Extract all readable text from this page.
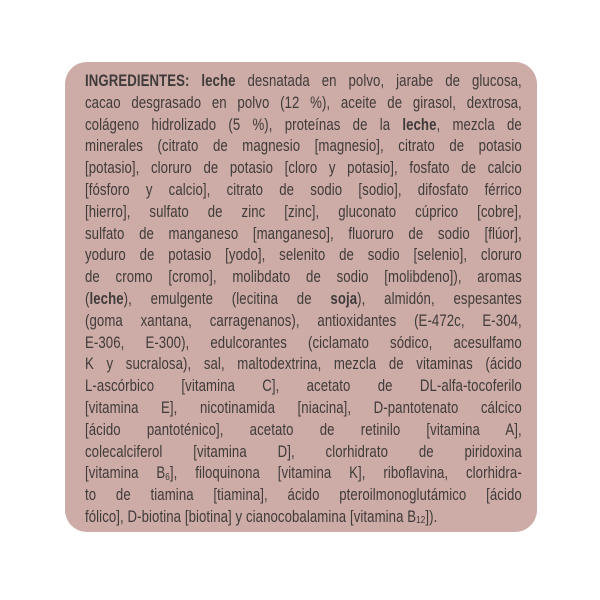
INGREDIENTES: leche desnatada en polvo, jarabe de glucosa,
cacao desgrasado en polvo (12 %), aceite de girasol, dextrosa,
colágeno hidrolizado (5 %), proteínas de la leche, mezcla de
minerales (citrato de magnesio [magnesio], citrato de potasio
[potasio], cloruro de potasio [cloro y potasio], fosfato de calcio
[fósforo y calcio], citrato de sodio [sodio], difosfato férrico
[hierro], sulfato de zinc [zinc], gluconato cúprico [cobre],
sulfato de manganeso [manganeso], fluoruro de sodio [flúor],
yoduro de potasio [yodo], selenito de sodio [selenio], cloruro
de cromo [cromo], molibdato de sodio [molibdeno]), aromas
(leche), emulgente (lecitina de soja), almidón, espesantes
(goma xantana, carragenanos), antioxidantes (E-472c, E-304,
E-306, E-300), edulcorantes (ciclamato sódico, acesulfamo
K y sucralosa), sal, maltodextrina, mezcla de vitaminas (ácido
L-ascórbico [vitamina C], acetato de DL-alfa-tocoferilo
[vitamina E], nicotinamida [niacina], D-pantotenato cálcico
[ácido pantoténico], acetato de retinilo [vitamina A],
colecalciferol [vitamina D], clorhidrato de piridoxina
[vitamina $B_6$], filoquinona [vitamina K], riboflavina, clorhidra-
to de tiamina [tiamina], ácido pteroilmonoglutámico [ácido
fólico], D-biotina [biotina] y cianocobalamina [vitamina $B_{12}$]).
